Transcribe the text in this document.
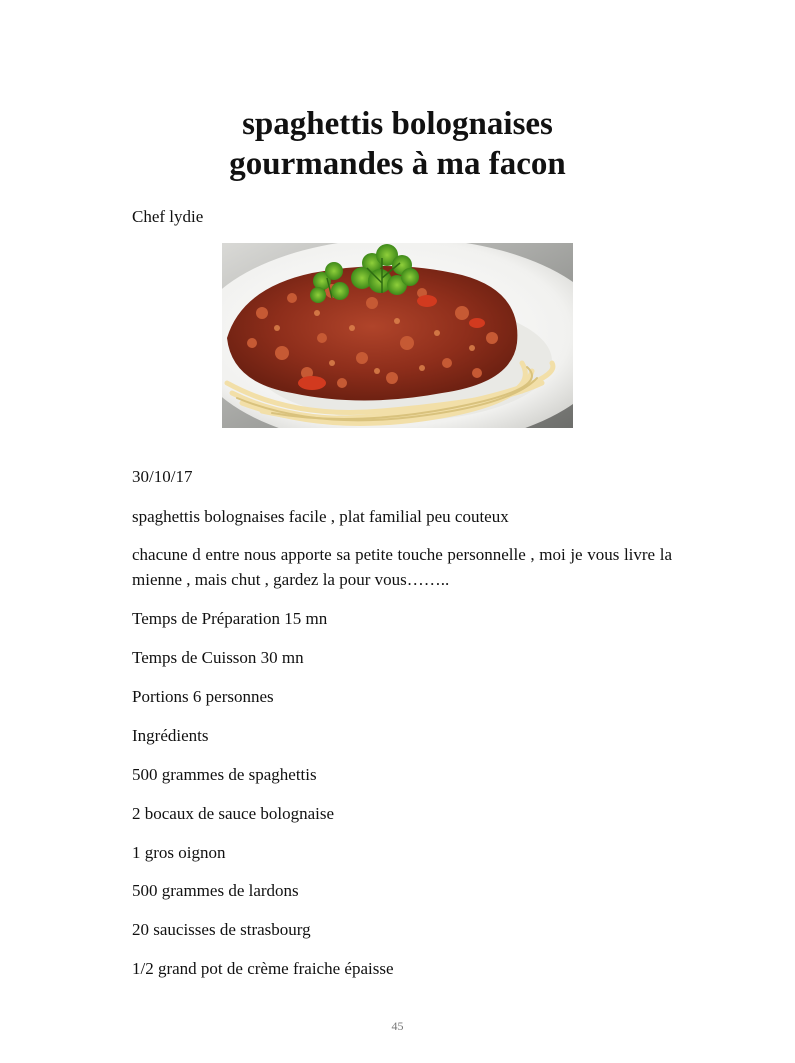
spaghettis bolognaises
gourmandes à ma facon
Chef lydie
30/10/17
spaghettis bolognaises facile , plat familial peu couteux
chacune d entre nous apporte sa petite touche personnelle , moi je vous livre la mienne , mais chut , gardez la pour vous……..
Temps de Préparation 15 mn
Temps de Cuisson 30 mn
Portions 6 personnes
Ingrédients
500 grammes de spaghettis
2 bocaux de sauce bolognaise
1 gros oignon
500 grammes de lardons
20 saucisses de strasbourg
1/2 grand pot de crème fraiche épaisse
45
